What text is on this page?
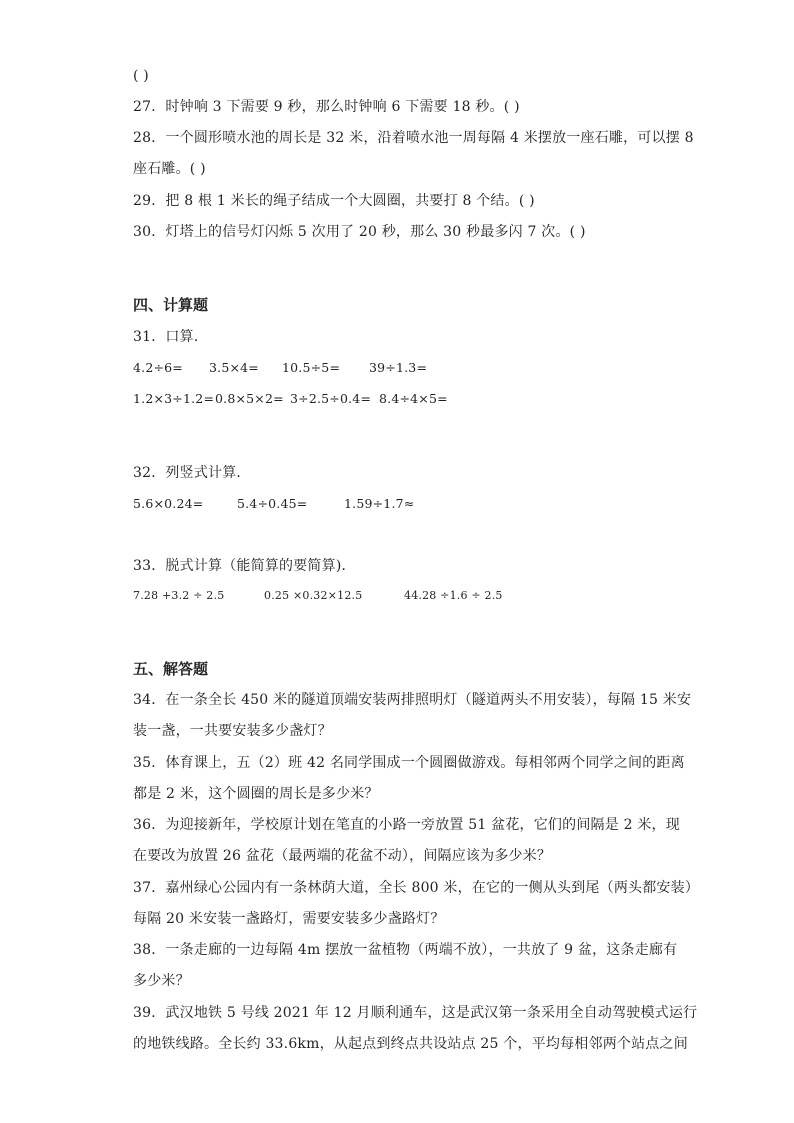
( )
27．时钟响 3 下需要 9 秒，那么时钟响 6 下需要 18 秒。( )
28．一个圆形喷水池的周长是 32 米，沿着喷水池一周每隔 4 米摆放一座石雕，可以摆 8
座石雕。( )
29．把 8 根 1 米长的绳子结成一个大圆圈，共要打 8 个结。( )
30．灯塔上的信号灯闪烁 5 次用了 20 秒，那么 30 秒最多闪 7 次。( )
四、计算题
31．口算．
4.2÷6= 3.5×4= 10.5÷5= 39÷1.3=
1.2×3÷1.2= 0.8×5×2= 3÷2.5÷0.4= 8.4÷4×5=
32．列竖式计算．
5.6×0.24=	5.4÷0.45=	1.59÷1.7≈
33．脱式计算（能简算的要简算)．
7.28 +3.2 ÷ 2.5	0.25 ×0.32×12.5	44.28 ÷1.6 ÷ 2.5
五、解答题
34．在一条全长 450 米的隧道顶端安装两排照明灯（隧道两头不用安装），每隔 15 米安
装一盏，一共要安装多少盏灯？
35．体育课上，五（2）班 42 名同学围成一个圆圈做游戏。每相邻两个同学之间的距离
都是 2 米，这个圆圈的周长是多少米？
36．为迎接新年，学校原计划在笔直的小路一旁放置 51 盆花，它们的间隔是 2 米，现
在要改为放置 26 盆花（最两端的花盆不动），间隔应该为多少米？
37．嘉州绿心公园内有一条林荫大道，全长 800 米，在它的一侧从头到尾（两头都安装）
每隔 20 米安装一盏路灯，需要安装多少盏路灯？
38．一条走廊的一边每隔 4m 摆放一盆植物（两端不放），一共放了 9 盆，这条走廊有
多少米？
39．武汉地铁 5 号线 2021 年 12 月顺利通车，这是武汉第一条采用全自动驾驶模式运行
的地铁线路。全长约 33.6km，从起点到终点共设站点 25 个，平均每相邻两个站点之间
